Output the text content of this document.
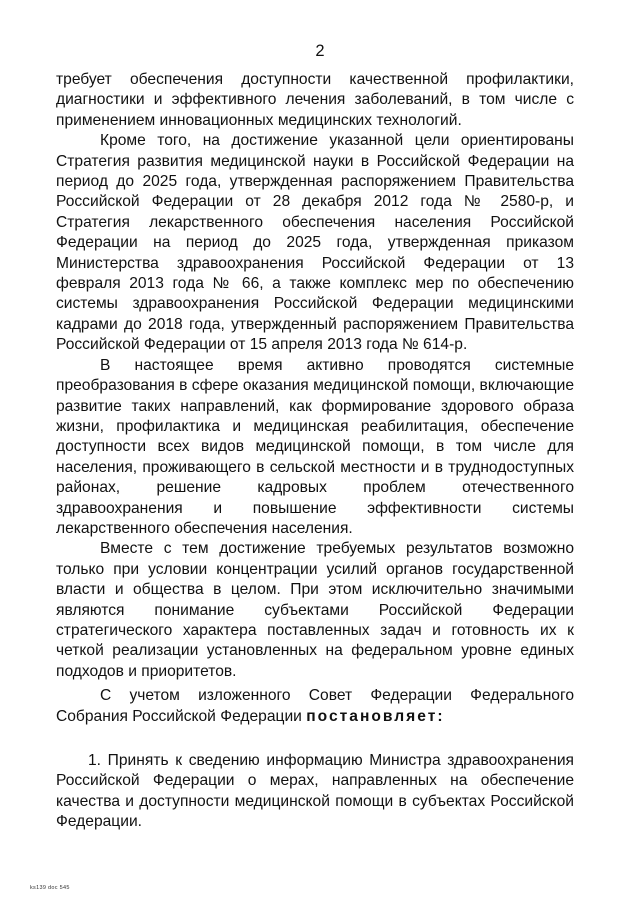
2

требует обеспечения доступности качественной профилактики, диагностики и эффективного лечения заболеваний, в том числе с применением инновационных медицинских технологий.

Кроме того, на достижение указанной цели ориентированы Стратегия развития медицинской науки в Российской Федерации на период до 2025 года, утвержденная распоряжением Правительства Российской Федерации от 28 декабря 2012 года № 2580-р, и Стратегия лекарственного обеспечения населения Российской Федерации на период до 2025 года, утвержденная приказом Министерства здравоохранения Российской Федерации от 13 февраля 2013 года № 66, а также комплекс мер по обеспечению системы здравоохранения Российской Федерации медицинскими кадрами до 2018 года, утвержденный распоряжением Правительства Российской Федерации от 15 апреля 2013 года № 614-р.

В настоящее время активно проводятся системные преобразования в сфере оказания медицинской помощи, включающие развитие таких направлений, как формирование здорового образа жизни, профилактика и медицинская реабилитация, обеспечение доступности всех видов медицинской помощи, в том числе для населения, проживающего в сельской местности и в труднодоступных районах, решение кадровых проблем отечественного здравоохранения и повышение эффективности системы лекарственного обеспечения населения.

Вместе с тем достижение требуемых результатов возможно только при условии концентрации усилий органов государственной власти и общества в целом. При этом исключительно значимыми являются понимание субъектами Российской Федерации стратегического характера поставленных задач и готовность их к четкой реализации установленных на федеральном уровне единых подходов и приоритетов.

С учетом изложенного Совет Федерации Федерального Собрания Российской Федерации постановляет:

1. Принять к сведению информацию Министра здравоохранения Российской Федерации о мерах, направленных на обеспечение качества и доступности медицинской помощи в субъектах Российской Федерации.

ks139 doc 545
